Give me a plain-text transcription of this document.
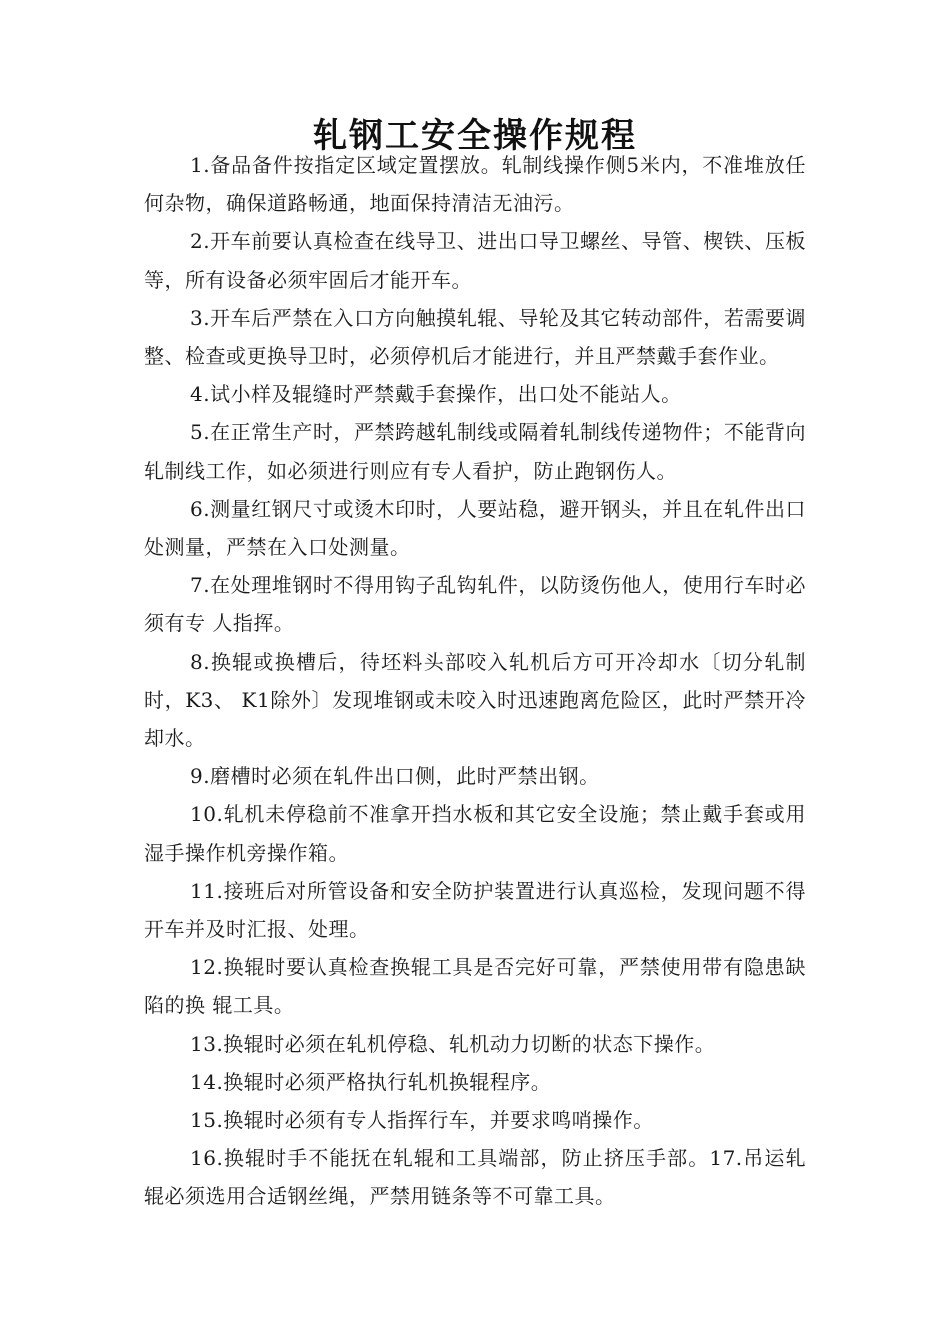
轧钢工安全操作规程

1.备品备件按指定区域定置摆放。轧制线操作侧5米内，不准堆放任何杂物，确保道路畅通，地面保持清洁无油污。

2.开车前要认真检查在线导卫、进出口导卫螺丝、导管、楔铁、压板等，所有设备必须牢固后才能开车。

3.开车后严禁在入口方向触摸轧辊、导轮及其它转动部件，若需要调整、检查或更换导卫时，必须停机后才能进行，并且严禁戴手套作业。

4.试小样及辊缝时严禁戴手套操作，出口处不能站人。

5.在正常生产时，严禁跨越轧制线或隔着轧制线传递物件；不能背向轧制线工作，如必须进行则应有专人看护，防止跑钢伤人。

6.测量红钢尺寸或烫木印时，人要站稳，避开钢头，并且在轧件出口处测量，严禁在入口处测量。

7.在处理堆钢时不得用钩子乱钩轧件，以防烫伤他人，使用行车时必须有专 人指挥。

8.换辊或换槽后，待坯料头部咬入轧机后方可开冷却水〔切分轧制时，K3、 K1除外〕发现堆钢或未咬入时迅速跑离危险区，此时严禁开冷却水。

9.磨槽时必须在轧件出口侧，此时严禁出钢。

10.轧机未停稳前不准拿开挡水板和其它安全设施；禁止戴手套或用湿手操作机旁操作箱。

11.接班后对所管设备和安全防护装置进行认真巡检，发现问题不得开车并及时汇报、处理。

12.换辊时要认真检查换辊工具是否完好可靠，严禁使用带有隐患缺陷的换 辊工具。

13.换辊时必须在轧机停稳、轧机动力切断的状态下操作。

14.换辊时必须严格执行轧机换辊程序。

15.换辊时必须有专人指挥行车，并要求鸣哨操作。

16.换辊时手不能抚在轧辊和工具端部，防止挤压手部。17.吊运轧辊必须选用合适钢丝绳，严禁用链条等不可靠工具。
